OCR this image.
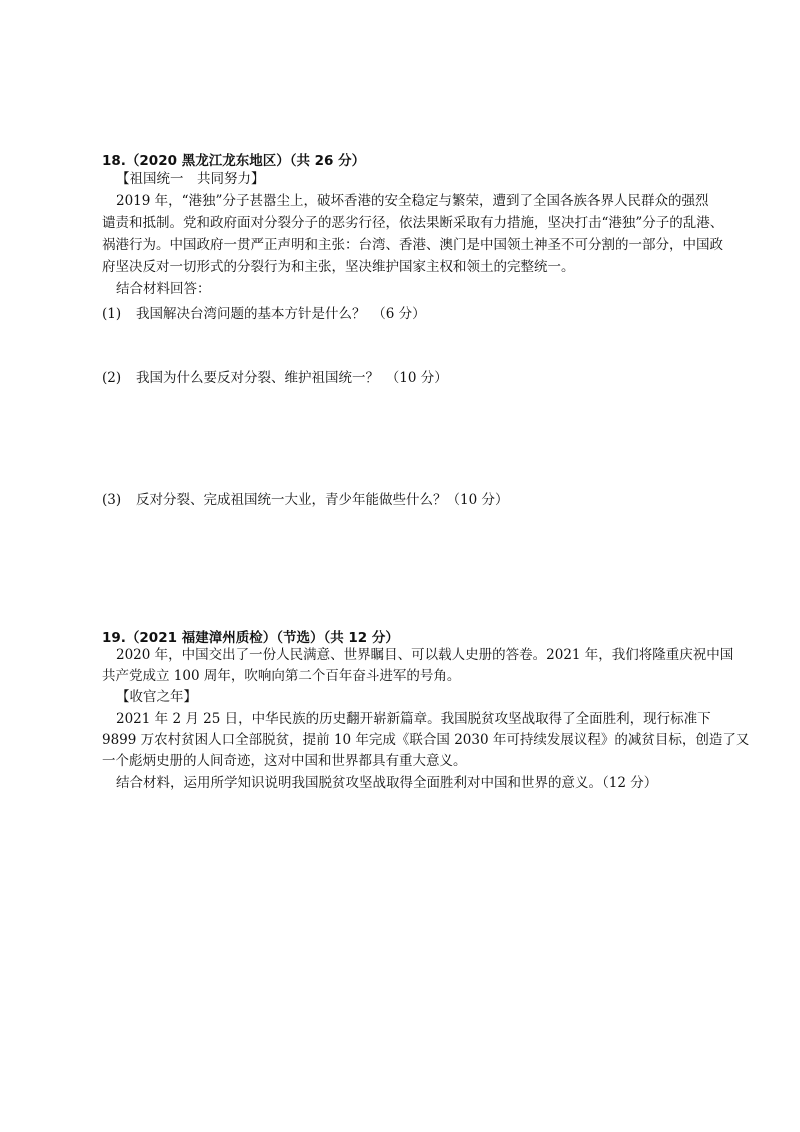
18.（2020 黑龙江龙东地区）（共 26 分）
【祖国统一　共同努力】
2019 年，“港独”分子甚嚣尘上，破坏香港的安全稳定与繁荣，遭到了全国各族各界人民群众的强烈
谴责和抵制。党和政府面对分裂分子的恶劣行径，依法果断采取有力措施，坚决打击“港独”分子的乱港、
祸港行为。中国政府一贯严正声明和主张：台湾、香港、澳门是中国领土神圣不可分割的一部分，中国政
府坚决反对一切形式的分裂行为和主张，坚决维护国家主权和领土的完整统一。
结合材料回答：
(1) 我国解决台湾问题的基本方针是什么？　（6 分）
(2) 我国为什么要反对分裂、维护祖国统一？　（10 分）
(3) 反对分裂、完成祖国统一大业，青少年能做些什么？（10 分）
19.（2021 福建漳州质检）（节选）（共 12 分）
2020 年，中国交出了一份人民满意、世界瞩目、可以载人史册的答卷。2021 年，我们将隆重庆祝中国
共产党成立 100 周年，吹响向第二个百年奋斗进军的号角。
【收官之年】
2021 年 2 月 25 日，中华民族的历史翻开崭新篇章。我国脱贫攻坚战取得了全面胜利，现行标准下
9899 万农村贫困人口全部脱贫，提前 10 年完成《联合国 2030 年可持续发展议程》的减贫目标，创造了又
一个彪炳史册的人间奇迹，这对中国和世界都具有重大意义。
结合材料，运用所学知识说明我国脱贫攻坚战取得全面胜利对中国和世界的意义。（12 分）
